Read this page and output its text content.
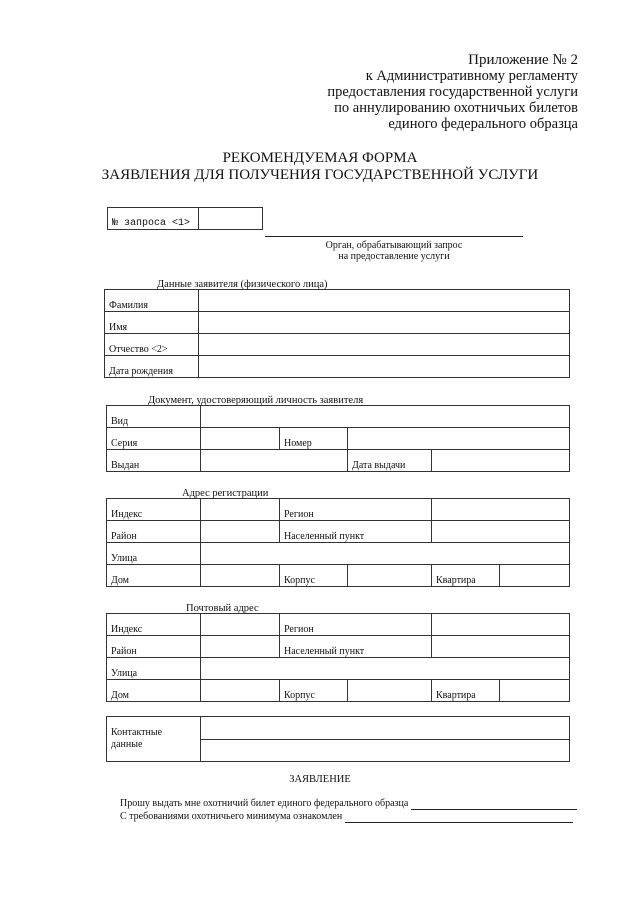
Приложение № 2
к Административному регламенту
предоставления государственной услуги
по аннулированию охотничьих билетов
единого федерального образца
РЕКОМЕНДУЕМАЯ ФОРМА
ЗАЯВЛЕНИЯ ДЛЯ ПОЛУЧЕНИЯ ГОСУДАРСТВЕННОЙ УСЛУГИ
№ запроса <1>	
Орган, обрабатывающий запрос
на предоставление услуги
Данные заявителя (физического лица)
Фамилия	
Имя	
Отчество <2>	
Дата рождения	
Документ, удостоверяющий личность заявителя
Вид				
Серия		Номер		
Выдан			Дата выдачи	
Адрес регистрации
Индекс		Регион			
Район		Населенный пункт			
Улица					
Дом		Корпус		Квартира	
Почтовый адрес
Индекс		Регион			
Район		Населенный пункт			
Улица					
Дом		Корпус		Квартира	
Контактные
данные	

ЗАЯВЛЕНИЕ
Прошу выдать мне охотничий билет единого федерального образца
С требованиями охотничьего минимума ознакомлен
